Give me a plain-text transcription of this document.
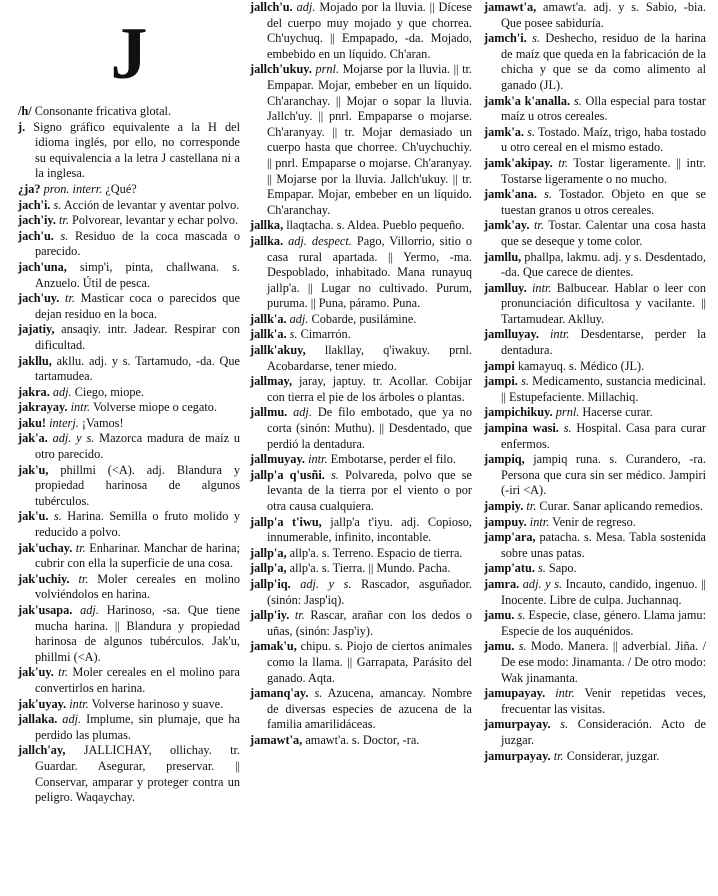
J

/h/ Consonante fricativa glotal.

j. Signo gráfico equivalente a la H del idioma inglés, por ello, no corresponde su equivalencia a la letra J castellana ni a la inglesa.

¿ja? pron. interr. ¿Qué?

jach'i. s. Acción de levantar y aventar polvo.

jach'iy. tr. Polvorear, levantar y echar polvo.

jach'u. s. Residuo de la coca mascada o parecido.

jach'una, simp'i, pinta, challwana. s. Anzuelo. Útil de pesca.

jach'uy. tr. Masticar coca o parecidos que dejan residuo en la boca.

jajatiy, ansaqiy. intr. Jadear. Respirar con dificultad.

jakllu, akllu. adj. y s. Tartamudo, -da. Que tartamudea.

jakra. adj. Ciego, miope.

jakrayay. intr. Volverse miope o cegato.

jaku! interj. ¡Vamos!

jak'a. adj. y s. Mazorca madura de maíz u otro parecido.

jak'u, phillmi (<A). adj. Blandura y propiedad harinosa de algunos tubérculos.

jak'u. s. Harina. Semilla o fruto molido y reducido a polvo.

jak'uchay. tr. Enharinar. Manchar de harina; cubrir con ella la superficie de una cosa.

jak'uchiy. tr. Moler cereales en molino volviéndolos en harina.

jak'usapa. adj. Harinoso, -sa. Que tiene mucha harina. || Blandura y propiedad harinosa de algunos tubérculos. Jak'u, phillmi (<A).

jak'uy. tr. Moler cereales en el molino para convertirlos en harina.

jak'uyay. intr. Volverse harinoso y suave.

jallaka. adj. Implume, sin plumaje, que ha perdido las plumas.

jallch'ay, JALLICHAY, ollichay. tr. Guardar. Asegurar, preservar. || Conservar, amparar y proteger contra un peligro. Waqaychay.

jallch'u. adj. Mojado por la lluvia. || Dícese del cuerpo muy mojado y que chorrea. Ch'uychuq. || Empapado, -da. Mojado, embebido en un líquido. Ch'aran.

jallch'ukuy. prnl. Mojarse por la lluvia. || tr. Empapar. Mojar, embeber en un líquido. Ch'aranchay. || Mojar o sopar la lluvia. Jallch'uy. || pnrl. Empaparse o mojarse. Ch'aranyay. || tr. Mojar demasiado un cuerpo hasta que chorree. Ch'uychuchiy. || pnrl. Empaparse o mojarse. Ch'aranyay. || Mojarse por la lluvia. Jallch'ukuy. || tr. Empapar. Mojar, embeber en un líquido. Ch'aranchay.

jallka, llaqtacha. s. Aldea. Pueblo pequeño.

jallka. adj. despect. Pago, Villorrio, sitio o casa rural apartada. || Yermo, -ma. Despoblado, inhabitado. Mana runayuq jallp'a. || Lugar no cultivado. Purum, puruma. || Puna, páramo. Puna.

jallk'a. adj. Cobarde, pusilámine.

jallk'a. s. Cimarrón.

jallk'akuy, llakllay, q'iwakuy. prnl. Acobardarse, tener miedo.

jallmay, jaray, japtuy. tr. Acollar. Cobijar con tierra el pie de los árboles o plantas.

jallmu. adj. De filo embotado, que ya no corta (sinón: Muthu). || Desdentado, que perdió la dentadura.

jallmuyay. intr. Embotarse, perder el filo.

jallp'a q'usñi. s. Polvareda, polvo que se levanta de la tierra por el viento o por otra causa cualquiera.

jallp'a t'iwu, jallp'a t'iyu. adj. Copioso, innumerable, infinito, incontable.

jallp'a, allp'a. s. Terreno. Espacio de tierra.

jallp'a, allp'a. s. Tierra. || Mundo. Pacha.

jallp'iq. adj. y s. Rascador, asguñador. (sinón: Jasp'iq).

jallp'iy. tr. Rascar, arañar con los dedos o uñas, (sinón: Jasp'iy).

jamak'u, chipu. s. Piojo de ciertos animales como la llama. || Garrapata, Parásito del ganado. Aqta.

jamanq'ay. s. Azucena, amancay. Nombre de diversas especies de azucena de la familia amarilidáceas.

jamawt'a, amawt'a. s. Doctor, -ra.

jamawt'a, amawt'a. adj. y s. Sabio, -bia. Que posee sabiduría.

jamch'i. s. Deshecho, residuo de la harina de maíz que queda en la fabricación de la chicha y que se da como alimento al ganado (JL).

jamk'a k'analla. s. Olla especial para tostar maíz u otros cereales.

jamk'a. s. Tostado. Maíz, trigo, haba tostado u otro cereal en el mismo estado.

jamk'akipay. tr. Tostar ligeramente. || intr. Tostarse ligeramente o no mucho.

jamk'ana. s. Tostador. Objeto en que se tuestan granos u otros cereales.

jamk'ay. tr. Tostar. Calentar una cosa hasta que se deseque y tome color.

jamllu, phallpa, lakmu. adj. y s. Desdentado, -da. Que carece de dientes.

jamlluy. intr. Balbucear. Hablar o leer con pronunciación dificultosa y vacilante. || Tartamudear. Aklluy.

jamlluyay. intr. Desdentarse, perder la dentadura.

jampi kamayuq. s. Médico (JL).

jampi. s. Medicamento, sustancia medicinal. || Estupefaciente. Millachiq.

jampichikuy. prnl. Hacerse curar.

jampina wasi. s. Hospital. Casa para curar enfermos.

jampiq, jampiq runa. s. Curandero, -ra. Persona que cura sin ser médico. Jampiri (-iri <A).

jampiy. tr. Curar. Sanar aplicando remedios.

jampuy. intr. Venir de regreso.

jamp'ara, patacha. s. Mesa. Tabla sostenida sobre unas patas.

jamp'atu. s. Sapo.

jamra. adj. y s. Incauto, candido, ingenuo. || Inocente. Libre de culpa. Juchannaq.

jamu. s. Especie, clase, género. Llama jamu: Especie de los auquénidos.

jamu. s. Modo. Manera. || adverbial. Jiña. / De ese modo: Jinamanta. / De otro modo: Wak jinamanta.

jamupayay. intr. Venir repetidas veces, frecuentar las visitas.

jamurpayay. s. Consideración. Acto de juzgar.

jamurpayay. tr. Considerar, juzgar.
